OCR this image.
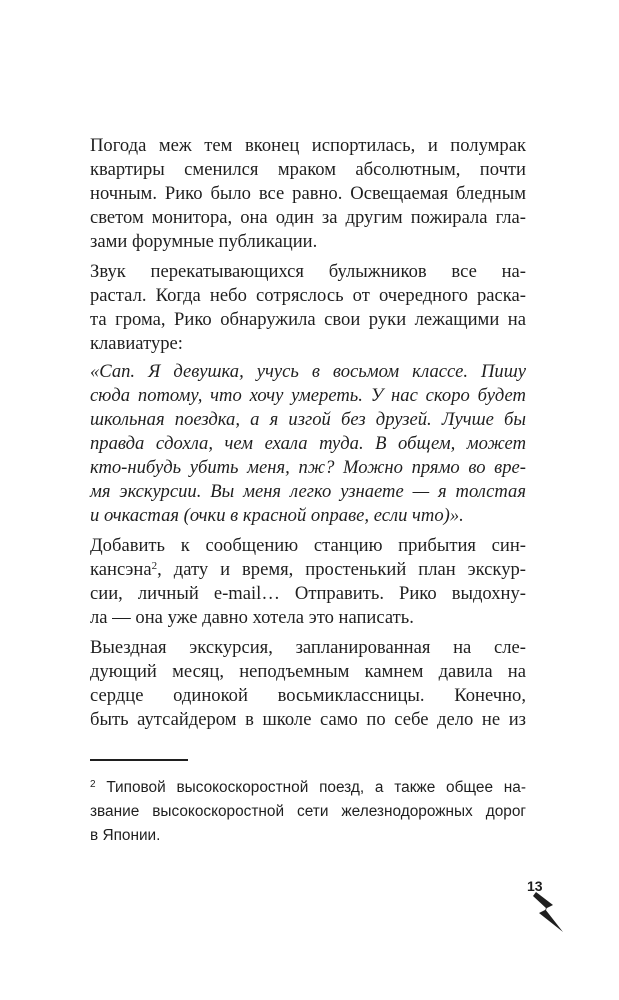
Погода меж тем вконец испортилась, и полумрак
квартиры сменился мраком абсолютным, почти
ночным. Рико было все равно. Освещаемая бледным
светом монитора, она один за другим пожирала гла-
зами форумные публикации.
Звук перекатывающихся булыжников все на-
растал. Когда небо сотряслось от очередного раска-
та грома, Рико обнаружила свои руки лежащими на
клавиатуре:
«Сап. Я девушка, учусь в восьмом классе. Пишу
сюда потому, что хочу умереть. У нас скоро будет
школьная поездка, а я изгой без друзей. Лучше бы
правда сдохла, чем ехала туда. В общем, может
кто-нибудь убить меня, пж? Можно прямо во вре-
мя экскурсии. Вы меня легко узнаете — я толстая
и очкастая (очки в красной оправе, если что)».
Добавить к сообщению станцию прибытия син-
кансэна$^2$, дату и время, простенький план экскур-
сии, личный e-mail… Отправить. Рико выдохну-
ла — она уже давно хотела это написать.
Выездная экскурсия, запланированная на сле-
дующий месяц, неподъемным камнем давила на
сердце одинокой восьмиклассницы. Конечно,
быть аутсайдером в школе само по себе дело не из
$^2$ Типовой высокоскоростной поезд, а также общее на-
звание высокоскоростной сети железнодорожных дорог
в Японии.
13
